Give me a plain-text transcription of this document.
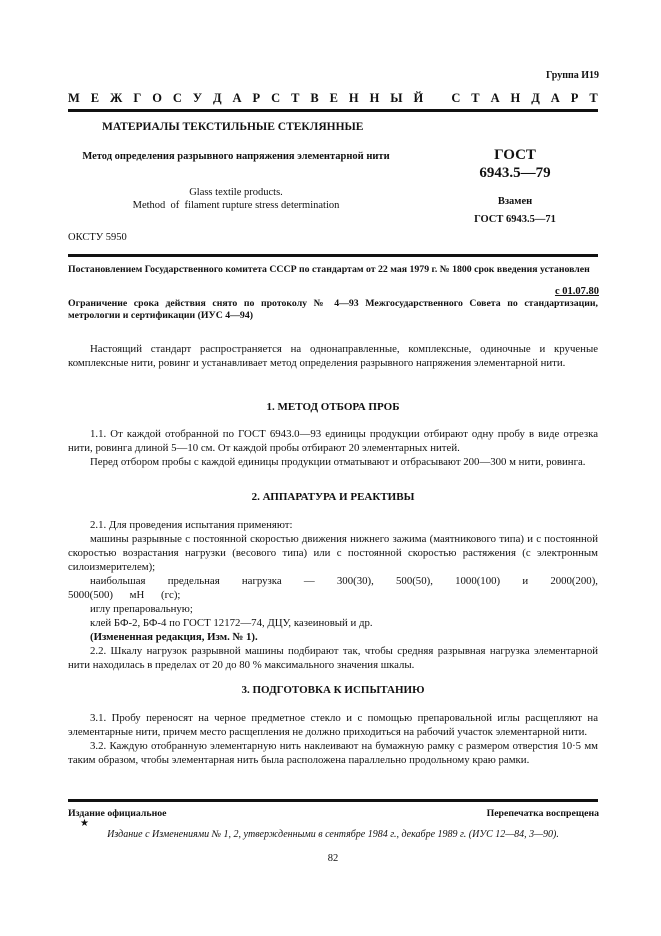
Группа И19
М Е Ж Г О С У Д А Р С Т В Е Н Н Ы Й
С Т А Н Д А Р Т
МАТЕРИАЛЫ ТЕКСТИЛЬНЫЕ СТЕКЛЯННЫЕ
Метод определения разрывного напряжения элементарной нити
Glass textile products.
Method  of  filament rupture stress determination
ГОСТ
6943.5—79
Взамен
ГОСТ 6943.5—71
ОКСТУ 5950
Постановлением Государственного комитета СССР по стандартам от 22 мая 1979 г. № 1800 срок введения установлен
с 01.07.80
Ограничение срока действия снято по протоколу № 4—93 Межгосударственного Совета по стандартизации, метрологии и сертификации (ИУС 4—94)

Настоящий стандарт распространяется на однонаправленные, комплексные, одиночные и крученые комплексные нити, ровинг и устанавливает метод определения разрывного напряжения элементарной нити.

1. МЕТОД ОТБОРА ПРОБ

1.1. От каждой отобранной по ГОСТ 6943.0—93 единицы продукции отбирают одну пробу в виде отрезка нити, ровинга длиной 5—10 см. От каждой пробы отбирают 20 элементарных нитей.

Перед отбором пробы с каждой единицы продукции отматывают и отбрасывают 200—300 м нити, ровинга.

2. АППАРАТУРА И РЕАКТИВЫ

2.1. Для проведения испытания применяют:

машины разрывные с постоянной скоростью движения нижнего зажима (маятникового типа) и с постоянной скоростью возрастания нагрузки (весового типа) или с постоянной скоростью растяжения (с электронным силоизмерителем);

наибольшая предельная нагрузка — 300(30), 500(50), 1000(100) и 2000(200), 5000(500) мН (гс);

иглу препаровальную;

клей БФ-2, БФ-4 по ГОСТ 12172—74, ДЦУ, казеиновый и др.

(Измененная редакция, Изм. № 1).

2.2. Шкалу нагрузок разрывной машины подбирают так, чтобы средняя разрывная нагрузка элементарной нити находилась в пределах от 20 до 80 % максимального значения шкалы.

3. ПОДГОТОВКА К ИСПЫТАНИЮ

3.1. Пробу переносят на черное предметное стекло и с помощью препаровальной иглы расщепляют на элементарные нити, причем место расщепления не должно приходиться на рабочий участок элементарной нити.

3.2. Каждую отобранную элементарную нить наклеивают на бумажную рамку с размером отверстия 10·5 мм таким образом, чтобы элементарная нить была расположена параллельно продольному краю рамки.

Издание официальное	Перепечатка воспрещена
★
Издание с Изменениями № 1, 2, утвержденными в сентябре 1984 г., декабре 1989 г. (ИУС 12—84, 3—90).
82
